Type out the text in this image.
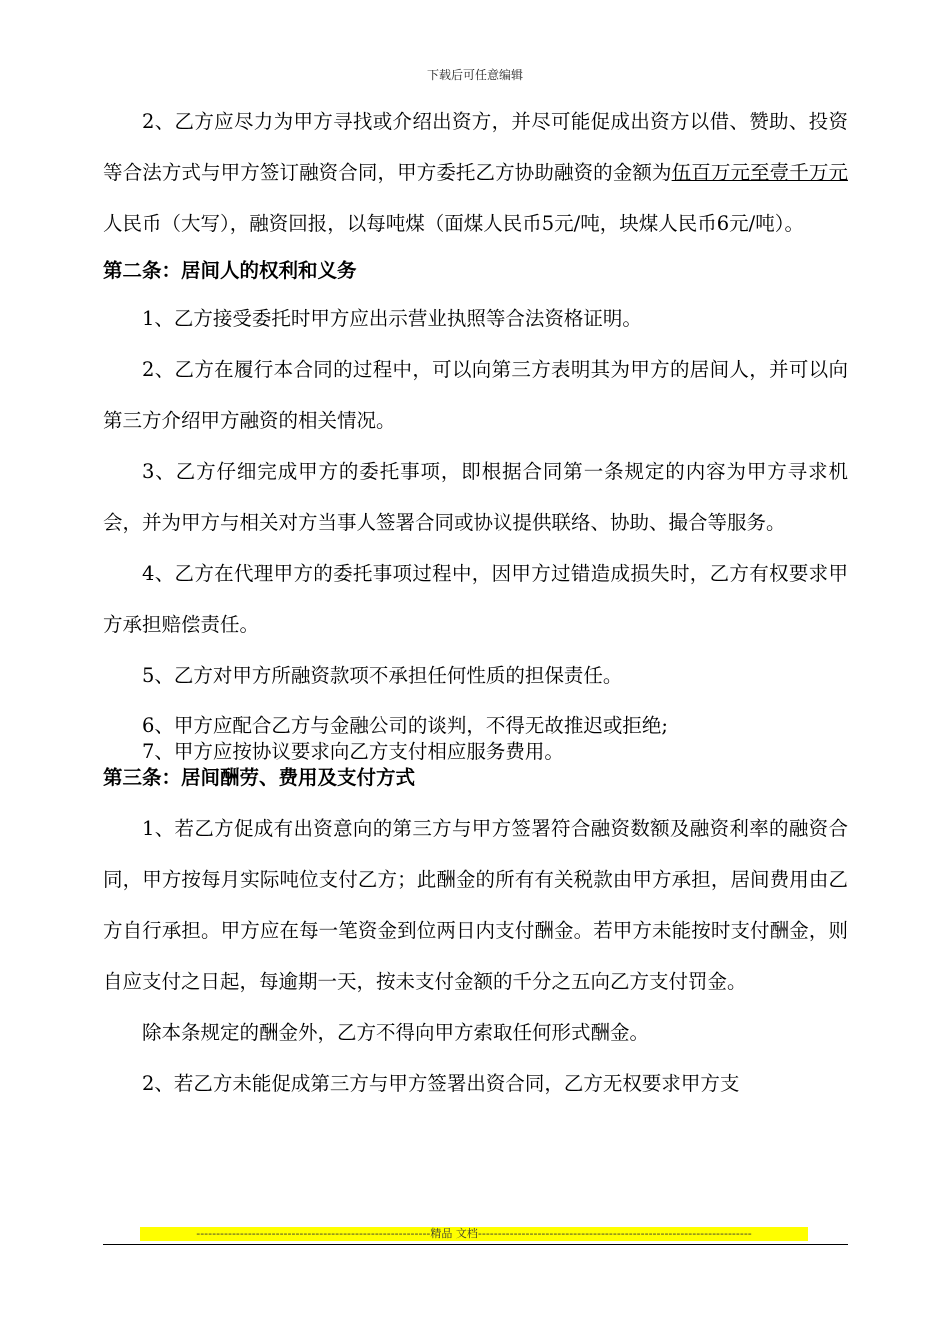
下载后可任意编辑

2、乙方应尽力为甲方寻找或介绍出资方，并尽可能促成出资方以借、赞助、投资等合法方式与甲方签订融资合同，甲方委托乙方协助融资的金额为伍百万元至壹千万元人民币（大写），融资回报，以每吨煤（面煤人民币5元/吨，块煤人民币6元/吨）。

第二条：居间人的权利和义务

1、乙方接受委托时甲方应出示营业执照等合法资格证明。

2、乙方在履行本合同的过程中，可以向第三方表明其为甲方的居间人，并可以向第三方介绍甲方融资的相关情况。

3、乙方仔细完成甲方的委托事项，即根据合同第一条规定的内容为甲方寻求机会，并为甲方与相关对方当事人签署合同或协议提供联络、协助、撮合等服务。

4、乙方在代理甲方的委托事项过程中，因甲方过错造成损失时，乙方有权要求甲方承担赔偿责任。

5、乙方对甲方所融资款项不承担任何性质的担保责任。

6、甲方应配合乙方与金融公司的谈判，不得无故推迟或拒绝;

7、甲方应按协议要求向乙方支付相应服务费用。

第三条：居间酬劳、费用及支付方式

1、若乙方促成有出资意向的第三方与甲方签署符合融资数额及融资利率的融资合同，甲方按每月实际吨位支付乙方；此酬金的所有有关税款由甲方承担，居间费用由乙方自行承担。甲方应在每一笔资金到位两日内支付酬金。若甲方未能按时支付酬金，则自应支付之日起，每逾期一天，按未支付金额的千分之五向乙方支付罚金。

除本条规定的酬金外，乙方不得向甲方索取任何形式酬金。

2、若乙方未能促成第三方与甲方签署出资合同，乙方无权要求甲方支

-----------------------------------------------------------精品 文档---------------------------------------------------------------------
